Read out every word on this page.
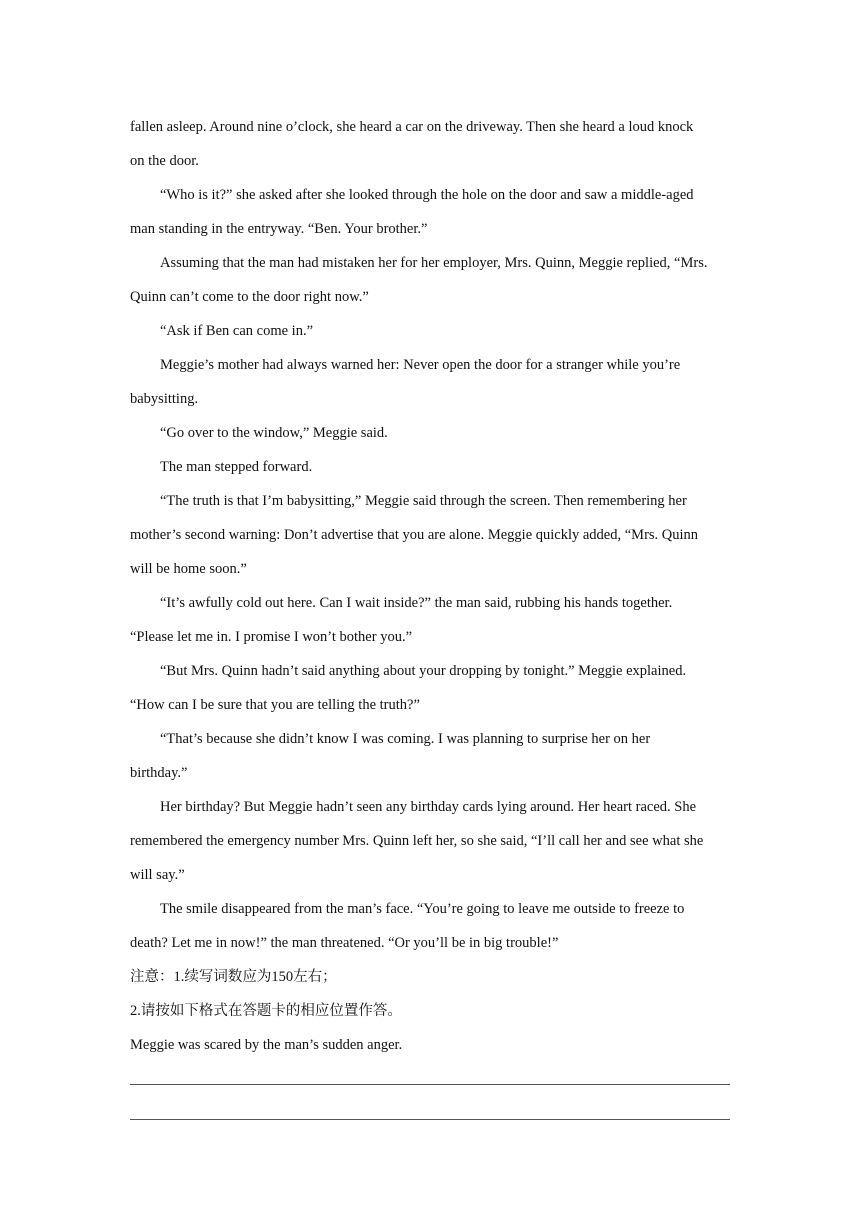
fallen asleep. Around nine o’clock, she heard a car on the driveway. Then she heard a loud knock
on the door.
“Who is it?” she asked after she looked through the hole on the door and saw a middle-aged
man standing in the entryway. “Ben. Your brother.”
Assuming that the man had mistaken her for her employer, Mrs. Quinn, Meggie replied, “Mrs.
Quinn can’t come to the door right now.”
“Ask if Ben can come in.”
Meggie’s mother had always warned her: Never open the door for a stranger while you’re
babysitting.
“Go over to the window,” Meggie said.
The man stepped forward.
“The truth is that I’m babysitting,” Meggie said through the screen. Then remembering her
mother’s second warning: Don’t advertise that you are alone. Meggie quickly added, “Mrs. Quinn
will be home soon.”
“It’s awfully cold out here. Can I wait inside?” the man said, rubbing his hands together.
“Please let me in. I promise I won’t bother you.”
“But Mrs. Quinn hadn’t said anything about your dropping by tonight.” Meggie explained.
“How can I be sure that you are telling the truth?”
“That’s because she didn’t know I was coming. I was planning to surprise her on her
birthday.”
Her birthday? But Meggie hadn’t seen any birthday cards lying around. Her heart raced. She
remembered the emergency number Mrs. Quinn left her, so she said, “I’ll call her and see what she
will say.”
The smile disappeared from the man’s face. “You’re going to leave me outside to freeze to
death? Let me in now!” the man threatened. “Or you’ll be in big trouble!”
注意：1.续写词数应为150左右；
2.请按如下格式在答题卡的相应位置作答。
Meggie was scared by the man’s sudden anger.
